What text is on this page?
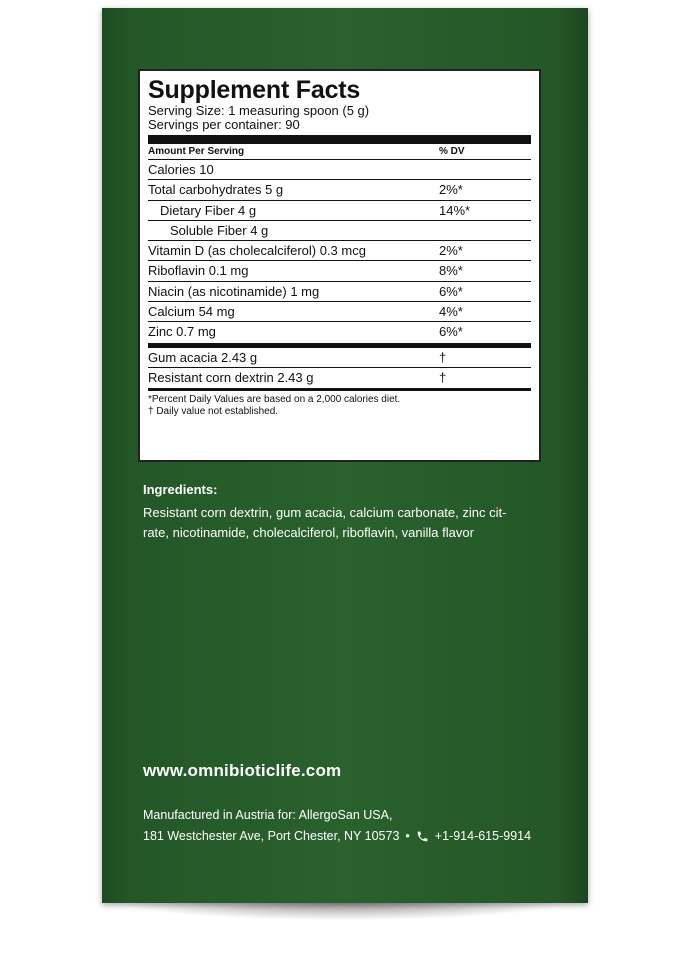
Supplement Facts
Serving Size: 1 measuring spoon (5 g)
Servings per container: 90
Amount Per Serving	% DV
Calories 10
Total carbohydrates 5 g	2%*
Dietary Fiber 4 g	14%*
Soluble Fiber 4 g
Vitamin D (as cholecalciferol) 0.3 mcg	2%*
Riboflavin 0.1 mg	8%*
Niacin (as nicotinamide) 1 mg	6%*
Calcium 54 mg	4%*
Zinc 0.7 mg	6%*
Gum acacia 2.43 g	†
Resistant corn dextrin 2.43 g	†
*Percent Daily Values are based on a 2,000 calories diet.
† Daily value not established.
Ingredients:
Resistant corn dextrin, gum acacia, calcium carbonate, zinc cit-
rate, nicotinamide, cholecalciferol, riboflavin, vanilla flavor
www.omnibioticlife.com
Manufactured in Austria for: AllergoSan USA,
181 Westchester Ave, Port Chester, NY 10573 • +1-914-615-9914
